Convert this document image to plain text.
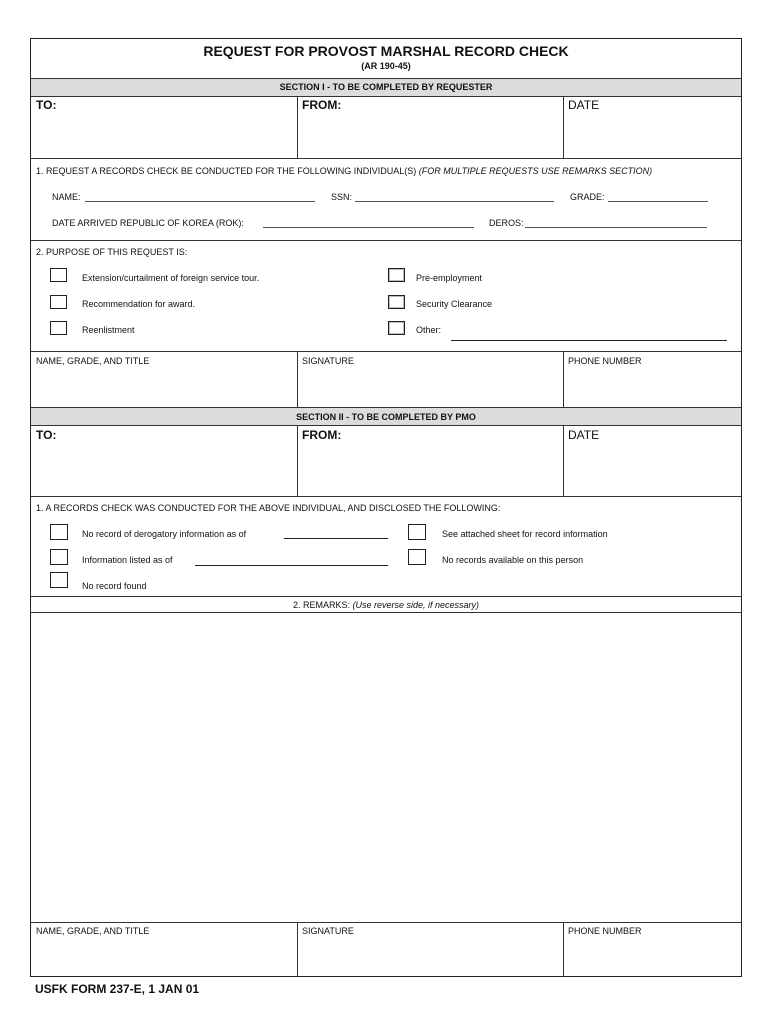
REQUEST FOR PROVOST MARSHAL RECORD CHECK
(AR 190-45)
SECTION I - TO BE COMPLETED BY REQUESTER
TO:	FROM:	DATE
1. REQUEST A RECORDS CHECK BE CONDUCTED FOR THE FOLLOWING INDIVIDUAL(S) (FOR MULTIPLE REQUESTS USE REMARKS SECTION)
NAME:	SSN:	GRADE:
DATE ARRIVED REPUBLIC OF KOREA (ROK):	DEROS:
2. PURPOSE OF THIS REQUEST IS:
Extension/curtailment of foreign service tour.
Recommendation for award.
Reenlistment
Pre-employment
Security Clearance
Other:
NAME, GRADE, AND TITLE	SIGNATURE	PHONE NUMBER
SECTION II - TO BE COMPLETED BY PMO
TO:	FROM:	DATE
1. A RECORDS CHECK WAS CONDUCTED FOR THE ABOVE INDIVIDUAL, AND DISCLOSED THE FOLLOWING:
No record of derogatory information as of
Information listed as of
No record found
See attached sheet for record information
No records available on this person
2. REMARKS: (Use reverse side, if necessary)
NAME, GRADE, AND TITLE	SIGNATURE	PHONE NUMBER
USFK FORM 237-E, 1 JAN 01
